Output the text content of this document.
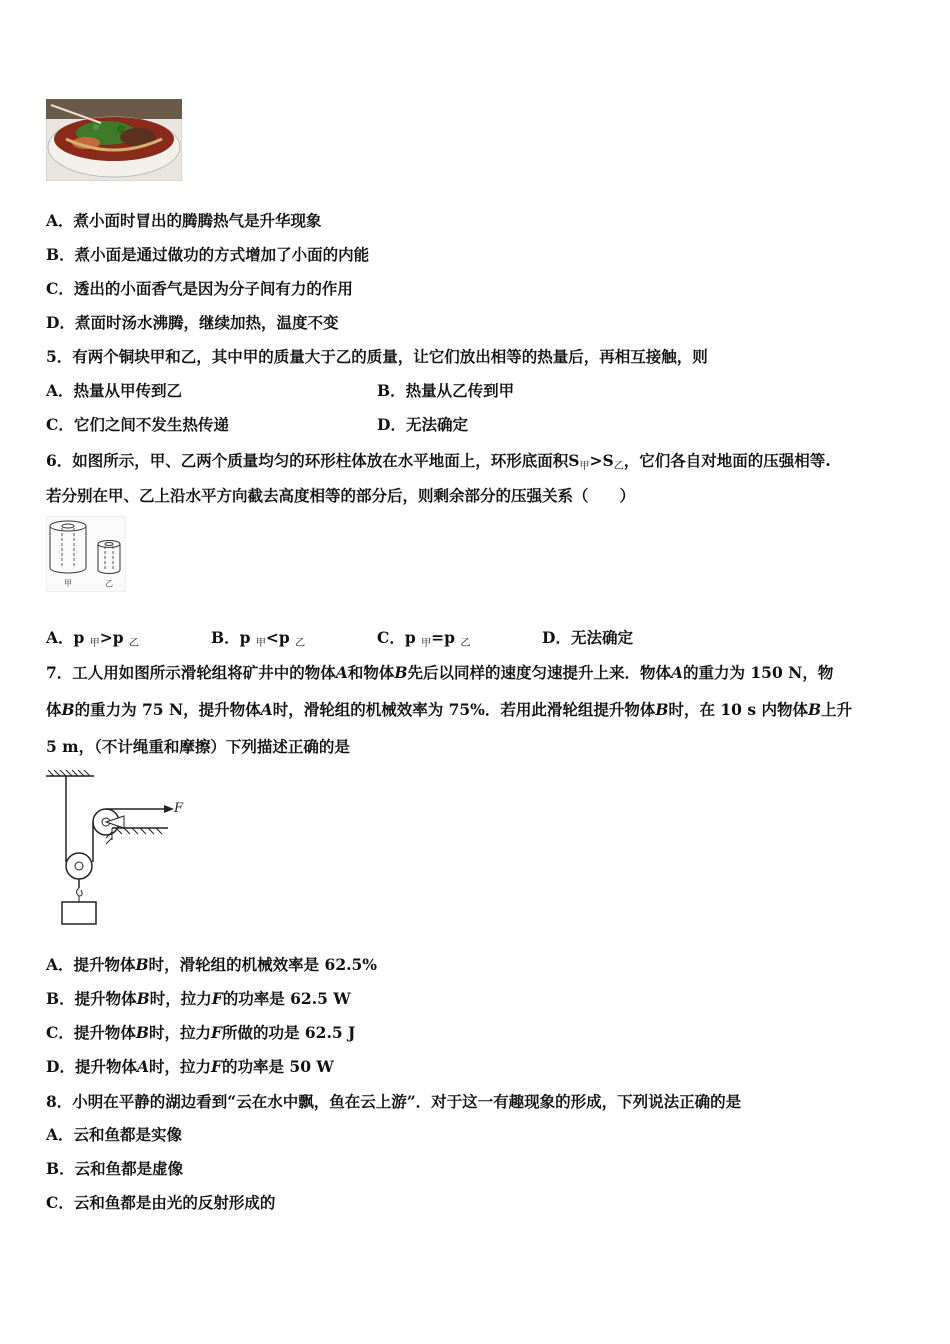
A．煮小面时冒出的腾腾热气是升华现象
B．煮小面是通过做功的方式增加了小面的内能
C．透出的小面香气是因为分子间有力的作用
D．煮面时汤水沸腾，继续加热，温度不变
5．有两个铜块甲和乙，其中甲的质量大于乙的质量，让它们放出相等的热量后，再相互接触，则
A．热量从甲传到乙	B．热量从乙传到甲
C．它们之间不发生热传递	D．无法确定
6．如图所示，甲、乙两个质量均匀的环形柱体放在水平地面上，环形底面积$S_甲>S_乙$，它们各自对地面的压强相等.
若分别在甲、乙上沿水平方向截去高度相等的部分后，则剩余部分的压强关系（　　）
甲	乙
A．p $_甲$>p $_乙$	B．p $_甲$<p $_乙$	C．p $_甲$=p $_乙$	D．无法确定
7．工人用如图所示滑轮组将矿井中的物体A和物体B先后以同样的速度匀速提升上来．物体A的重力为 150 N，物
体B的重力为 75 N，提升物体A时，滑轮组的机械效率为 75%．若用此滑轮组提升物体B时，在 10 s 内物体B上升
5 m，（不计绳重和摩擦）下列描述正确的是
F
A．提升物体B时，滑轮组的机械效率是 62.5%
B．提升物体B时，拉力F的功率是 62.5 W
C．提升物体B时，拉力F所做的功是 62.5 J
D．提升物体A时，拉力F的功率是 50 W
8．小明在平静的湖边看到“云在水中飘，鱼在云上游”．对于这一有趣现象的形成，下列说法正确的是
A．云和鱼都是实像
B．云和鱼都是虚像
C．云和鱼都是由光的反射形成的
